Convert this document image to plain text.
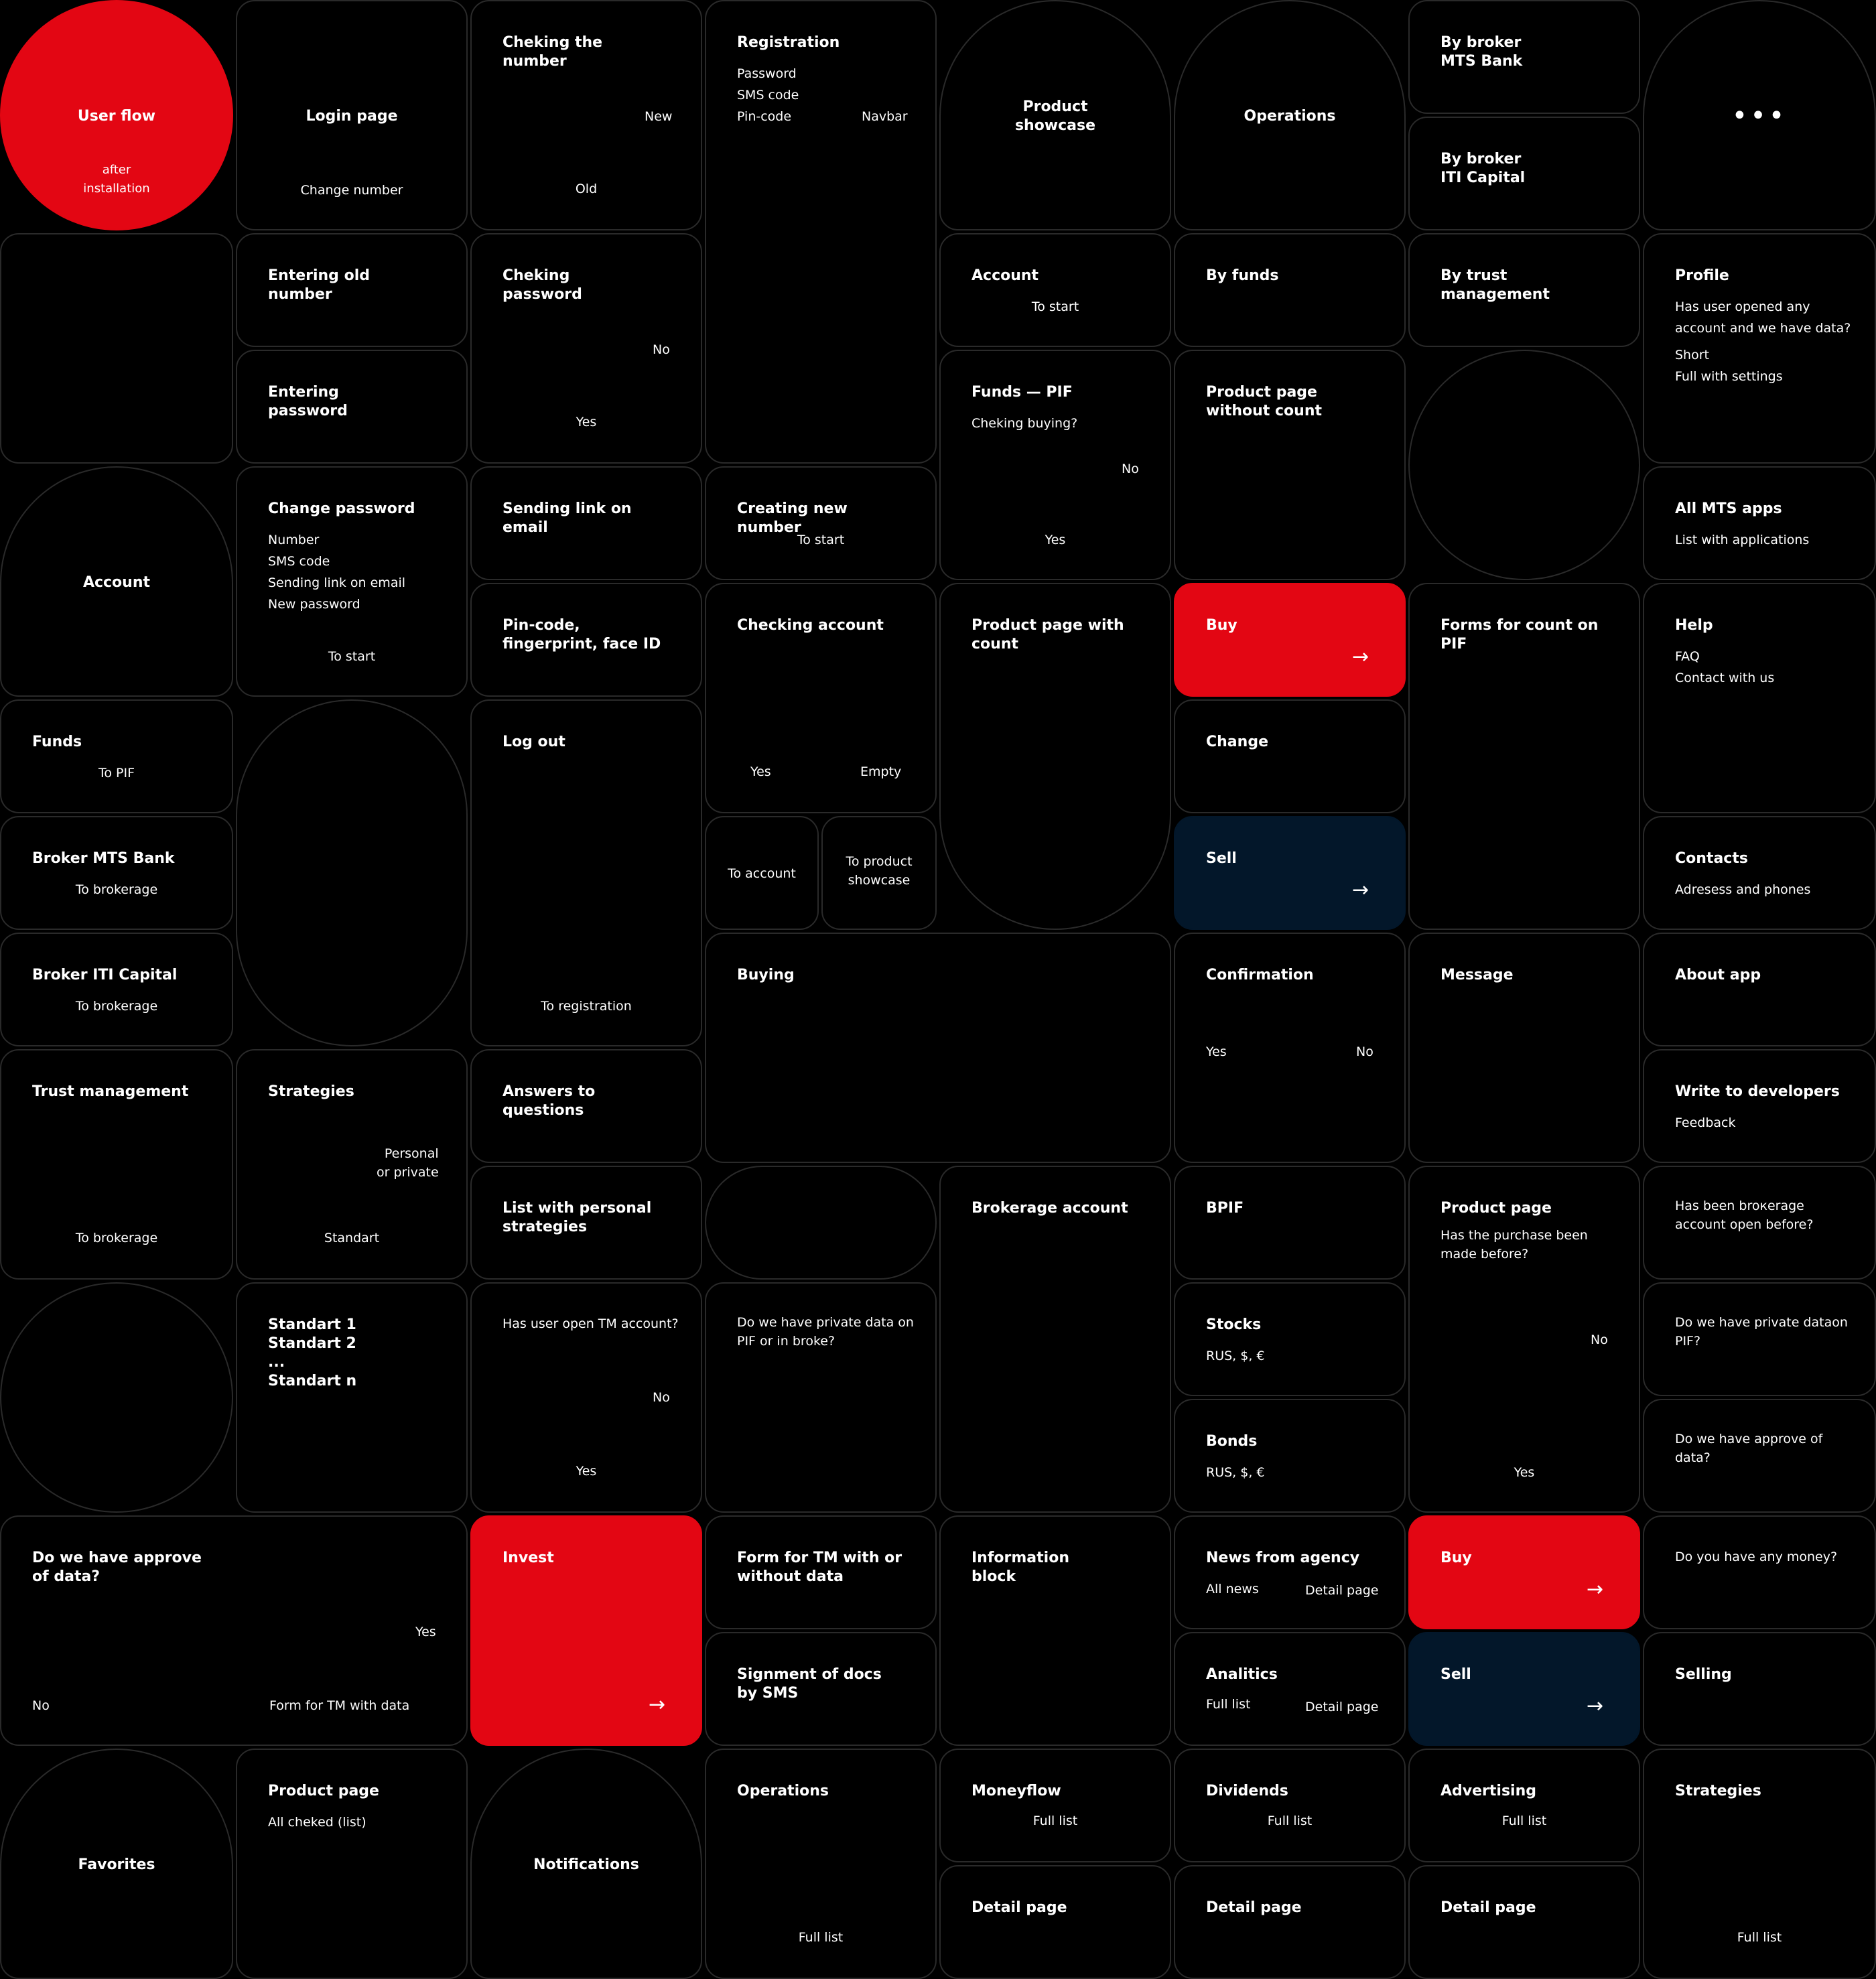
User flow
after
installation
Login page
Change number
Cheking the
number
New
Old
Registration
Password
SMS code
Pin-code	Navbar
Product
showcase
Operations
By broker
MTS Bank
By broker
ITI Capital
•••
Entering old
number
Entering
password
Cheking
password
No
Yes
Account
To start
Funds — PIF
Cheking buying?
No
Yes
By funds
Product page
without count
By trust
management
Profile
Has user opened any
account and we have data?
Short
Full with settings
Account
Change password
Number
SMS code
Sending link on email
New password
To start
Sending link on
email
Pin-code,
fingerprint, face ID
Creating new
number
To start
Checking account
Yes	Empty
Product page with
count
Buy
→
Forms for count on
PIF
All MTS apps
List with applications
Help
FAQ
Contact with us
Funds
To PIF
Log out
To registration
Change
Broker MTS Bank
To brokerage
To account
To product
showcase
Sell
→
Contacts
Adresess and phones
Broker ITI Capital
To brokerage
Buying	Confirmation
Yes	No
Message	About app
Trust management
To brokerage
Strategies
Personal
or private
Standart
Answers to
questions
List with personal
strategies
Brokerage account	BPIF	Product page
Has the purchase been
made before?
No
Yes
Write to developers
Feedback
Has been broкerage
account open before?
Standart 1
Standart 2
...
Standart n
Has user open TM account?
No
Yes
Do we have private data on
PIF or in broke?
Stocks
RUS, $, €
Bonds
RUS, $, €
Do we have private dataon
PIF?
Do we have approve of
data?
Do we have approve
of data?
Yes
No	Form for TM with data
Invest
→
Form for TM with or
without data
Signment of docs
by SMS
Information
block
News from agency
All news	Detail page
Analitics
Full list	Detail page
Buy
→
Sell
→
Do you have any money?
Selling
Favorites
Product page
All cheked (list)
Notifications
Operations
Full list
Moneyflow
Full list
Detail page
Dividends
Full list
Detail page
Advertising
Full list
Detail page
Strategies
Full list
